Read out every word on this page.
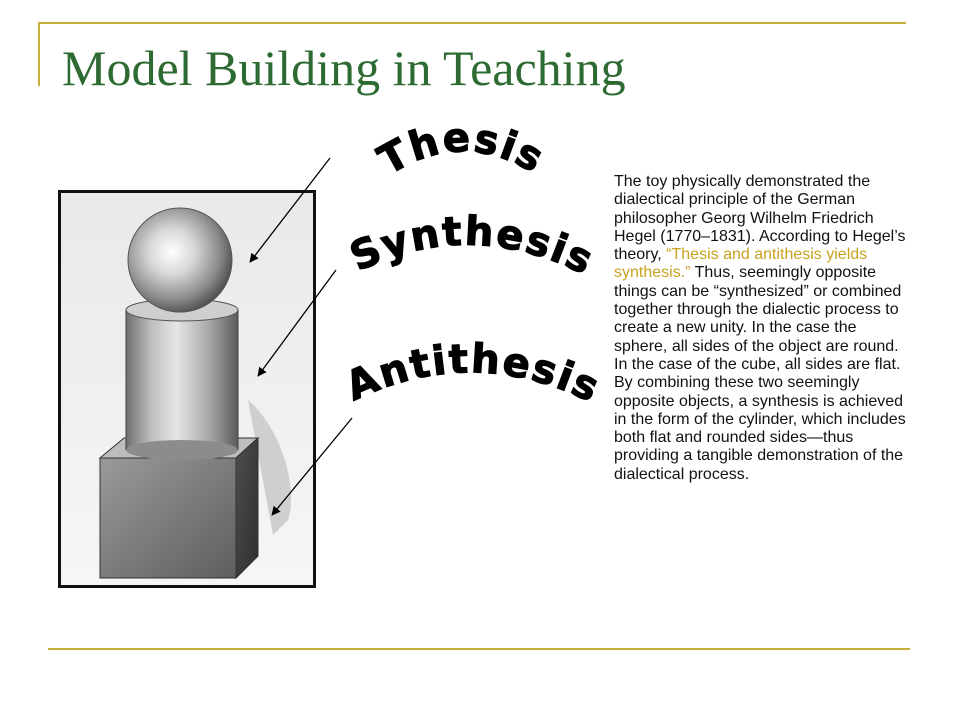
Model Building in Teaching
Thesis
Synthesis
Antithesis

The toy physically demonstrated the dialectical principle of the German philosopher Georg Wilhelm Friedrich Hegel (1770–1831). According to Hegel’s theory, “Thesis and antithesis yields synthesis.” Thus, seemingly opposite things can be “synthesized” or combined together through the dialectic process to create a new unity. In the case the sphere, all sides of the object are round. In the case of the cube, all sides are flat. By combining these two seemingly opposite objects, a synthesis is achieved in the form of the cylinder, which includes both flat and rounded sides—thus providing a tangible demonstration of the dialectical process.
